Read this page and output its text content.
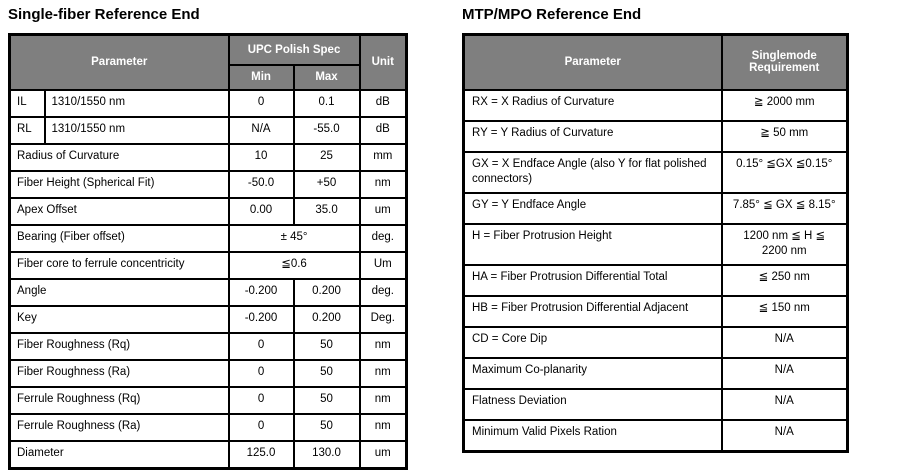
Single-fiber Reference End
Parameter		UPC Polish Spec		Unit
		Min	Max	
IL	1310/1550 nm	0	0.1	dB
RL	1310/1550 nm	N/A	-55.0	dB
Radius of Curvature		10	25	mm
Fiber Height (Spherical Fit)		-50.0	+50	nm
Apex Offset		0.00	35.0	um
Bearing (Fiber offset)		± 45°		deg.
Fiber core to ferrule concentricity		≦0.6		Um
Angle		-0.200	0.200	deg.
Key		-0.200	0.200	Deg.
Fiber Roughness (Rq)		0	50	nm
Fiber Roughness (Ra)		0	50	nm
Ferrule Roughness (Rq)		0	50	nm
Ferrule Roughness (Ra)		0	50	nm
Diameter		125.0	130.0	um
MTP/MPO Reference End
Parameter	Singlemode Requirement
RX = X Radius of Curvature	≧ 2000 mm
RY = Y Radius of Curvature	≧ 50 mm
GX = X Endface Angle (also Y for flat polished connectors)	0.15° ≦GX ≦0.15°
GY = Y Endface Angle	7.85° ≦ GX ≦ 8.15°
H = Fiber Protrusion Height	1200 nm ≦ H ≦ 2200 nm
HA = Fiber Protrusion Differential Total	≦ 250 nm
HB = Fiber Protrusion Differential Adjacent	≦ 150 nm
CD = Core Dip	N/A
Maximum Co-planarity	N/A
Flatness Deviation	N/A
Minimum Valid Pixels Ration	N/A
